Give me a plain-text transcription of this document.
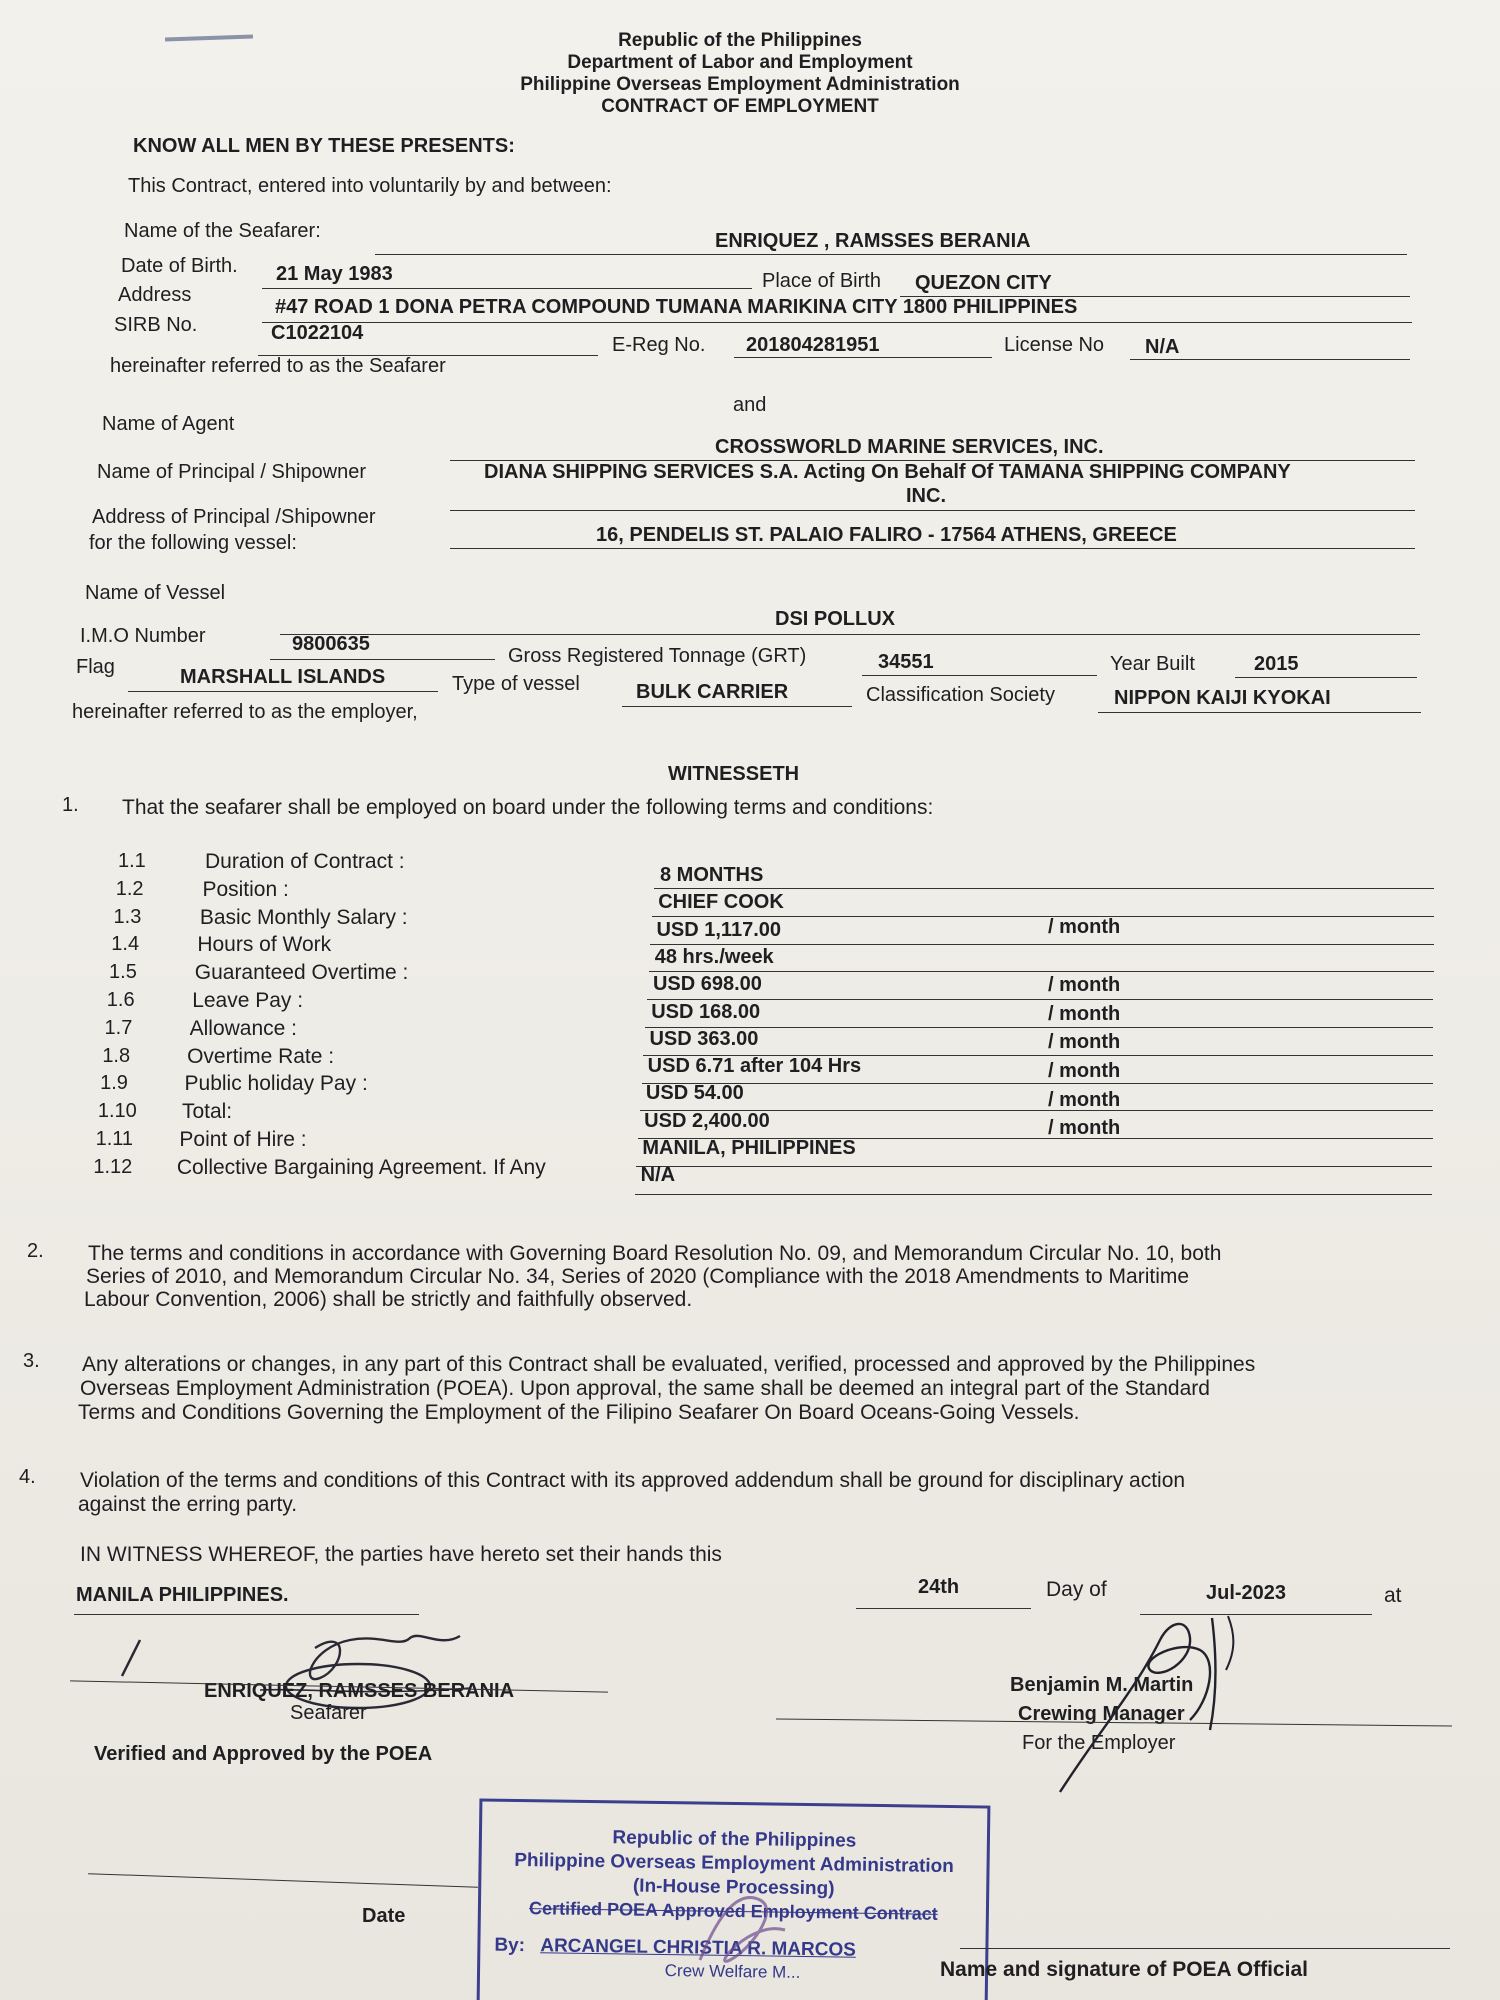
Republic of the Philippines
Department of Labor and Employment
Philippine Overseas Employment Administration
CONTRACT OF EMPLOYMENT
KNOW ALL MEN BY THESE PRESENTS:
This Contract, entered into voluntarily by and between:
Name of the Seafarer:	ENRIQUEZ , RAMSSES BERANIA
Date of Birth. 21 May 1983	Place of Birth QUEZON CITY
Address
#47 ROAD 1 DONA PETRA COMPOUND TUMANA MARIKINA CITY 1800 PHILIPPINES
SIRB No.	C1022104
E-Reg No. 201804281951	License No N/A
hereinafter referred to as the Seafarer
and
Name of Agent
CROSSWORLD MARINE SERVICES, INC.
Name of Principal / Shipowner	DIANA SHIPPING SERVICES S.A. Acting On Behalf Of TAMANA SHIPPING COMPANY
INC.
Address of Principal /Shipowner
16, PENDELIS ST. PALAIO FALIRO - 17564 ATHENS, GREECE
for the following vessel:
Name of Vessel
DSI POLLUX
I.M.O Number	9800635
Gross Registered Tonnage (GRT)	34551	Year Built	2015
Flag	MARSHALL ISLANDS	Type of vessel	BULK CARRIER	Classification Society	NIPPON KAIJI KYOKAI
hereinafter referred to as the employer,
WITNESSETH
1. That the seafarer shall be employed on board under the following terms and conditions:
1.1	Duration of Contract :
8 MONTHS
1.2	Position :
CHIEF COOK
1.3	Basic Monthly Salary :
USD 1,117.00	/ month
1.4	Hours of Work
48 hrs./week
1.5	Guaranteed Overtime :	USD 698.00	/ month
1.6	Leave Pay :	USD 168.00	/ month
1.7	Allowance :	USD 363.00	/ month
1.8	Overtime Rate :	USD 6.71 after 104 Hrs	/ month
1.9	Public holiday Pay :	USD 54.00	/ month
1.10 Total:	USD 2,400.00	/ month
1.11 Point of Hire :	MANILA, PHILIPPINES
1.12 Collective Bargaining Agreement. If Any	N/A
2. The terms and conditions in accordance with Governing Board Resolution No. 09, and Memorandum Circular No. 10, both
Series of 2010, and Memorandum Circular No. 34, Series of 2020 (Compliance with the 2018 Amendments to Maritime
Labour Convention, 2006) shall be strictly and faithfully observed.
3. Any alterations or changes, in any part of this Contract shall be evaluated, verified, processed and approved by the Philippines
Overseas Employment Administration (POEA). Upon approval, the same shall be deemed an integral part of the Standard
Terms and Conditions Governing the Employment of the Filipino Seafarer On Board Oceans-Going Vessels.
4. Violation of the terms and conditions of this Contract with its approved addendum shall be ground for disciplinary action
against the erring party.
IN WITNESS WHEREOF, the parties have hereto set their hands this
24th	Day of	Jul-2023	at
MANILA PHILIPPINES.
ENRIQUEZ, RAMSSES BERANIA
Seafarer
Benjamin M. Martin
Crewing Manager
For the Employer
Verified and Approved by the POEA
Republic of the Philippines
Philippine Overseas Employment Administration
(In-House Processing)
Certified POEA Approved Employment Contract
By: ARCANGEL CHRISTIA R. MARCOS
Crew Welfare M...
Date
Name and signature of POEA Official
